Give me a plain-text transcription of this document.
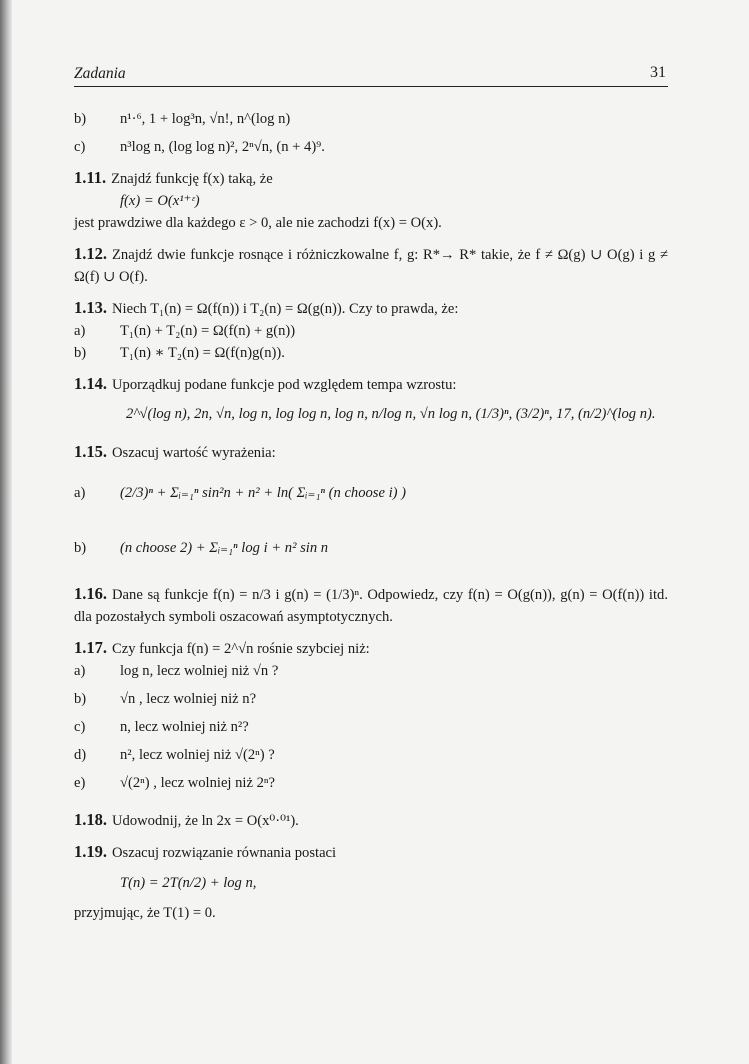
Zadania	31
b) n¹·⁶, 1 + log³n, √n!, n^(log n)
c) n³log n, (log log n)², 2ⁿ√n, (n + 4)⁹.
1.11. Znajdź funkcję f(x) taką, że
f(x) = O(x¹⁺ᵋ)
jest prawdziwe dla każdego ε > 0, ale nie zachodzi f(x) = O(x).
1.12. Znajdź dwie funkcje rosnące i różniczkowalne f, g: R*→ R* takie, że f ≠ Ω(g) ∪ O(g) i g ≠ Ω(f) ∪ O(f).
1.13. Niech T₁(n) = Ω(f(n)) i T₂(n) = Ω(g(n)). Czy to prawda, że:
a) T₁(n) + T₂(n) = Ω(f(n) + g(n))
b) T₁(n) ∗ T₂(n) = Ω(f(n)g(n)).
1.14. Uporządkuj podane funkcje pod względem tempa wzrostu:
2^√(log n), 2n, √n, log n, log log n, log n, n/log n, √n log n, (1/3)ⁿ, (3/2)ⁿ, 17, (n/2)^(log n).
1.15. Oszacuj wartość wyrażenia:
a)	(2/3)ⁿ + Σᵢ₌₁ⁿ sin²n + n² + ln( Σᵢ₌₁ⁿ (n choose i) )
b)	(n choose 2) + Σᵢ₌₁ⁿ log i + n² sin n
1.16. Dane są funkcje f(n) = n/3 i g(n) = (1/3)ⁿ. Odpowiedz, czy f(n) = O(g(n)), g(n) = O(f(n)) itd. dla pozostałych symboli oszacowań asymptotycznych.
1.17. Czy funkcja f(n) = 2^√n rośnie szybciej niż:
a) log n, lecz wolniej niż √n ?
b) √n , lecz wolniej niż n?
c) n, lecz wolniej niż n²?
d) n², lecz wolniej niż √(2ⁿ) ?
e) √(2ⁿ) , lecz wolniej niż 2ⁿ?
1.18. Udowodnij, że ln 2x = O(x⁰·⁰¹).
1.19. Oszacuj rozwiązanie równania postaci
T(n) = 2T(n/2) + log n,
przyjmując, że T(1) = 0.
